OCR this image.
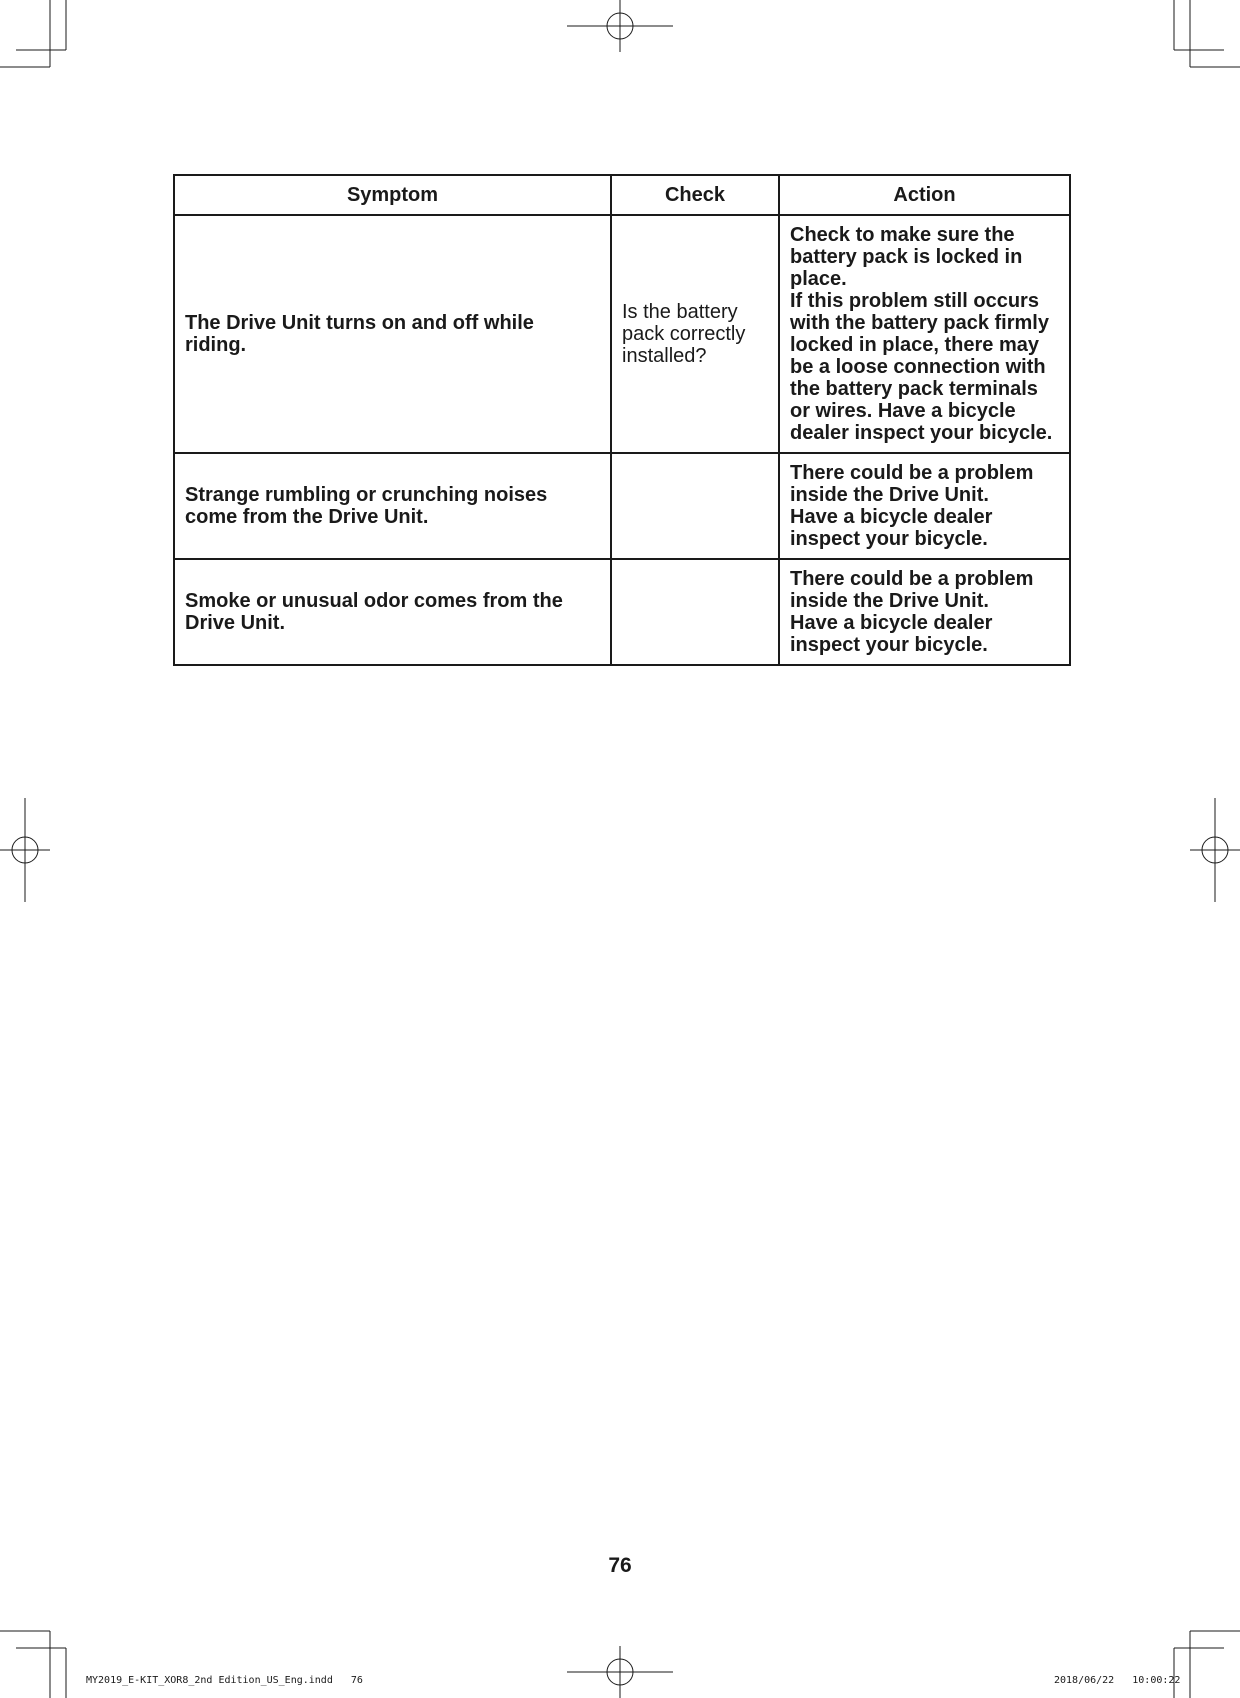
Symptom	Check	Action
The Drive Unit turns on and off while riding.	Is the battery pack correctly installed?	Check to make sure the battery pack is locked in place.
If this problem still occurs with the battery pack firmly locked in place, there may be a loose connection with the battery pack terminals or wires. Have a bicycle dealer inspect your bicycle.
Strange rumbling or crunching noises come from the Drive Unit.		There could be a problem inside the Drive Unit.
Have a bicycle dealer inspect your bicycle.
Smoke or unusual odor comes from the Drive Unit.		There could be a problem inside the Drive Unit.
Have a bicycle dealer inspect your bicycle.
76
MY2019_E-KIT_XOR8_2nd Edition_US_Eng.indd   76	2018/06/22   10:00:22
